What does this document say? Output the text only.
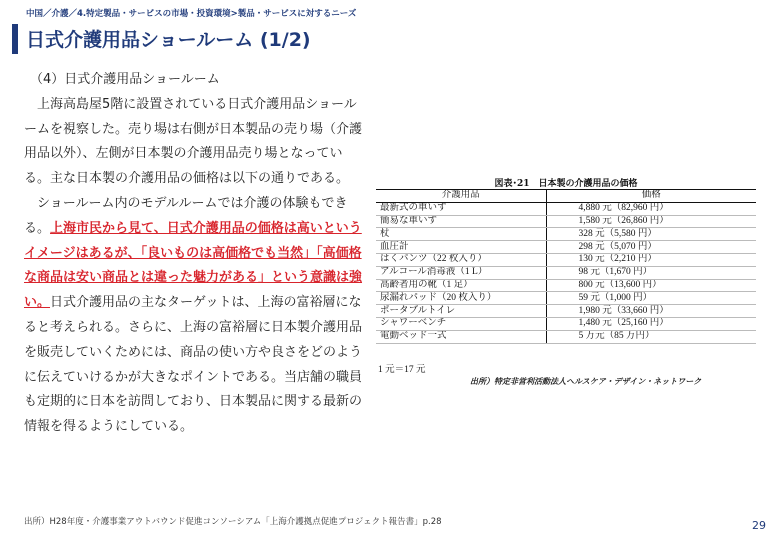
中国／介護／4.特定製品・サービスの市場・投資環境>製品・サービスに対するニーズ
日式介護用品ショールーム (1/2)
（4）日式介護用品ショールーム
上海高島屋5階に設置されている日式介護用品ショールームを視察した。売り場は右側が日本製品の売り場（介護用品以外）、左側が日本製の介護用品売り場となっている。主な日本製の介護用品の価格は以下の通りである。
ショールーム内のモデルルームでは介護の体験もできる。上海市民から見て、日式介護用品の価格は高いというイメージはあるが、「良いものは高価格でも当然」「高価格な商品は安い商品とは違った魅力がある」という意識は強い。日式介護用品の主なターゲットは、上海の富裕層になると考えられる。さらに、上海の富裕層に日本製介護用品を販売していくためには、商品の使い方や良さをどのように伝えていけるかが大きなポイントである。当店舗の職員も定期的に日本を訪問しており、日本製品に関する最新の情報を得るようにしている。
図表･21　日本製の介護用品の価格
介護用品	価格
最新式の車いす	4,880 元（82,960 円）
簡易な車いす	1,580 元（26,860 円）
杖	328 元（5,580 円）
血圧計	298 元（5,070 円）
はくパンツ（22 枚入り）	130 元（2,210 円）
アルコール消毒液（1 L）	98 元（1,670 円）
高齢者用の靴（1 足）	800 元（13,600 円）
尿漏れパッド（20 枚入り）	59 元（1,000 円）
ポータブルトイレ	1,980 元（33,660 円）
シャワーベンチ	1,480 元（25,160 円）
電動ベッド一式	5 万元（85 万円）
1 元＝17 元
出所）特定非営利活動法人ヘルスケア・デザイン・ネットワーク
出所）H28年度・介護事業アウトバウンド促進コンソーシアム「上海介護拠点促進プロジェクト報告書」p.28	29
